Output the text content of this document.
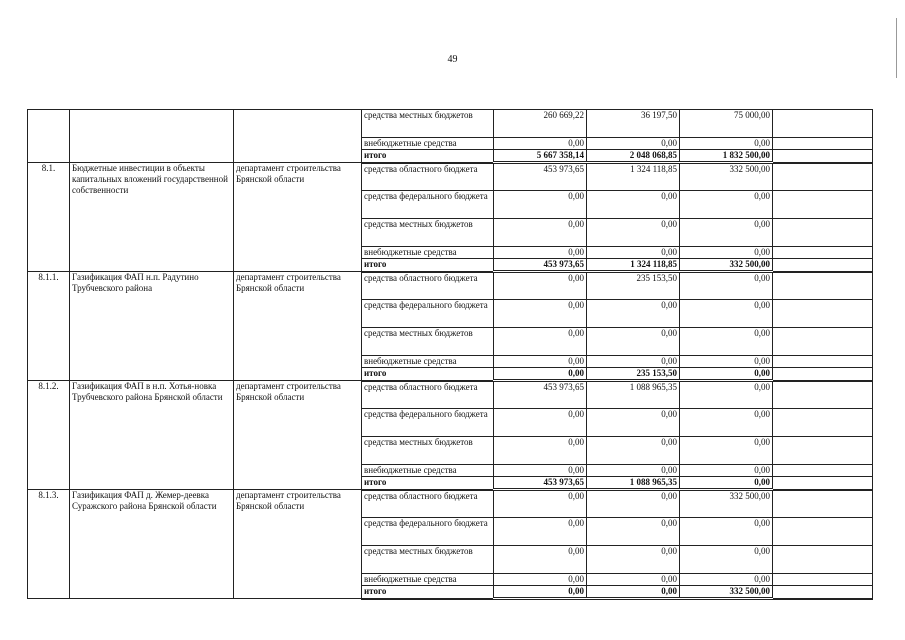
49
			средства местных бюджетов	260 669,22	36 197,50	75 000,00	
			внебюджетные средства	0,00	0,00	0,00	
			итого	5 667 358,14	2 048 068,85	1 832 500,00	
8.1.	Бюджетные инвестиции в объекты капитальных вложений государственной собственности	департамент строительства Брянской области	средства областного бюджета	453 973,65	1 324 118,85	332 500,00	
			средства федерального бюджета	0,00	0,00	0,00	
			средства местных бюджетов	0,00	0,00	0,00	
			внебюджетные средства	0,00	0,00	0,00	
			итого	453 973,65	1 324 118,85	332 500,00	
8.1.1.	Газификация ФАП н.п. Радутино Трубчевского района	департамент строительства Брянской области	средства областного бюджета	0,00	235 153,50	0,00	
			средства федерального бюджета	0,00	0,00	0,00	
			средства местных бюджетов	0,00	0,00	0,00	
			внебюджетные средства	0,00	0,00	0,00	
			итого	0,00	235 153,50	0,00	
8.1.2.	Газификация ФАП в н.п. Хотья-новка Трубчевского района Брянской области	департамент строительства Брянской области	средства областного бюджета	453 973,65	1 088 965,35	0,00	
			средства федерального бюджета	0,00	0,00	0,00	
			средства местных бюджетов	0,00	0,00	0,00	
			внебюджетные средства	0,00	0,00	0,00	
			итого	453 973,65	1 088 965,35	0,00	
8.1.3.	Газификация ФАП д. Жемер-деевка Суражского района Брянской области	департамент строительства Брянской области	средства областного бюджета	0,00	0,00	332 500,00	
			средства федерального бюджета	0,00	0,00	0,00	
			средства местных бюджетов	0,00	0,00	0,00	
			внебюджетные средства	0,00	0,00	0,00	
			итого	0,00	0,00	332 500,00	
